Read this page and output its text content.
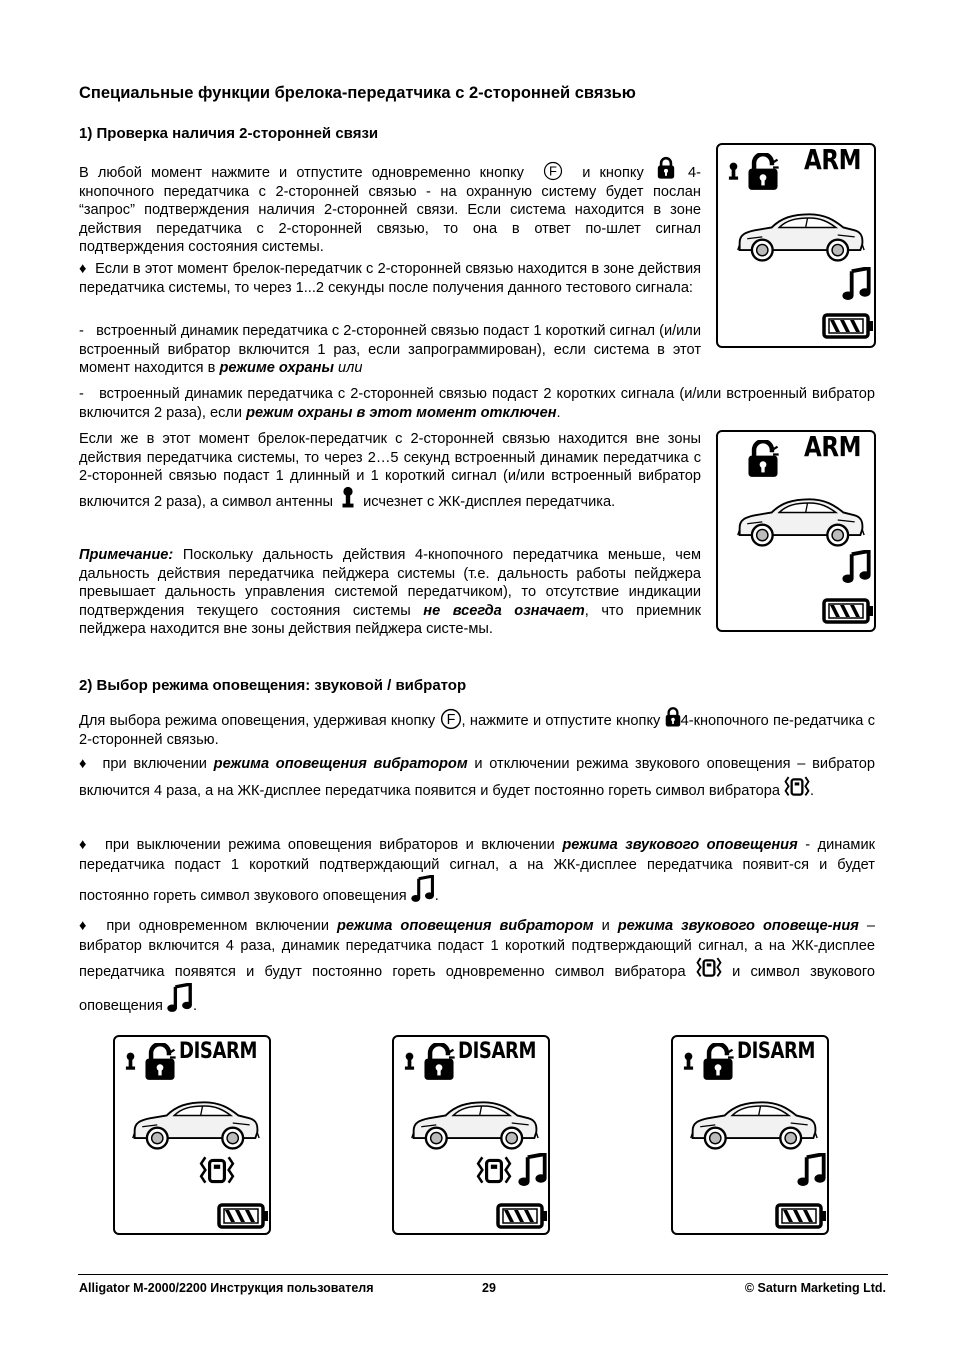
Специальные функции брелока-передатчика с 2-сторонней связью
1) Проверка наличия 2-сторонней связи
В любой момент нажмите и отпустите одновременно кнопку F и кнопку	4-кнопочного передатчика с 2-сторонней связью - на охранную систему будет послан “запрос” подтверждения наличия 2-сторонней связи. Если система находится в зоне действия передатчика с 2-сторонней связью, то она в ответ по-шлет сигнал подтверждения состояния системы.
♦ Если в этот момент брелок-передатчик с 2-сторонней связью находится в зоне действия передатчика системы, то через 1...2 секунды после получения данного тестового сигнала:
-   встроенный динамик передатчика с 2-сторонней связью подаст 1 короткий сигнал (и/или встроенный вибратор включится 1 раз, если запрограммирован), если система в этот момент находится в режиме охраны или
-   встроенный динамик передатчика с 2-сторонней связью подаст 2 коротких сигнала (и/или встроенный вибратор включится 2 раза), если режим охраны в этот момент отключен.
Если же в этот момент брелок-передатчик с 2-сторонней связью находится вне зоны действия передатчика системы, то через 2…5 секунд встроенный динамик передатчика с 2-сторонней связью подаст 1 длинный и 1 короткий сигнал (и/или встроенный вибратор включится 2 раза), а символ антенны исчезнет с ЖК-дисплея передатчика.
Примечание: Поскольку дальность действия 4-кнопочного передатчика меньше, чем дальность действия передатчика пейджера системы (т.е. дальность работы пейджера превышает дальность управления системой передатчиком), то отсутствие индикации подтверждения текущего состояния системы не всегда означает, что приемник пейджера находится вне зоны действия пейджера систе-мы.
2) Выбор режима оповещения: звуковой / вибратор
Для выбора режима оповещения, удерживая кнопку F , нажмите и отпустите кнопку 4-кнопочного пе-редатчика с 2-сторонней связью.
♦ при включении режима оповещения вибратором и отключении режима звукового оповещения – вибратор включится 4 раза, а на ЖК-дисплее передатчика появится и будет постоянно гореть символ вибратора .
♦ при выключении режима оповещения вибраторов и включении режима звукового оповещения - динамик передатчика подаст 1 короткий подтверждающий сигнал, а на ЖК-дисплее передатчика появит-ся и будет постоянно гореть символ звукового оповещения .
♦ при одновременном включении режима оповещения вибратором и режима звукового оповеще-ния – вибратор включится 4 раза, динамик передатчика подаст 1 короткий подтверждающий сигнал, а на ЖК-дисплее передатчика появятся и будут постоянно гореть одновременно символ вибратора	и символ звукового оповещения .
ARM
ARM
DISARM	DISARM	DISARM
Alligator M-2000/2200 Инструкция пользователя	29	© Saturn Marketing Ltd.
